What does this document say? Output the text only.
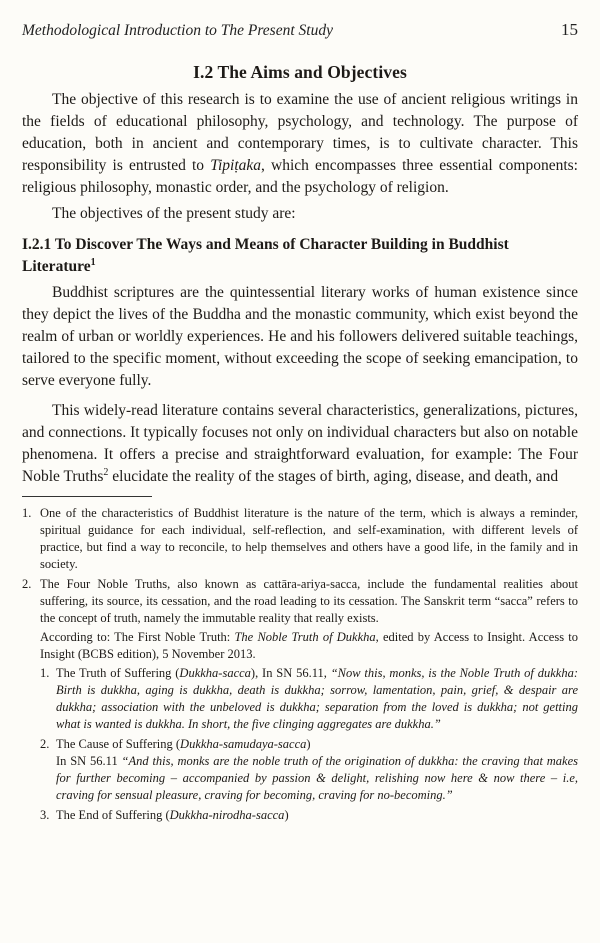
Methodological Introduction to The Present Study	15
I.2 The Aims and Objectives

The objective of this research is to examine the use of ancient religious writings in the fields of educational philosophy, psychology, and technology. The purpose of education, both in ancient and contemporary times, is to cultivate character. This responsibility is entrusted to Tipiṭaka, which encompasses three essential components: religious philosophy, monastic order, and the psychology of religion.

The objectives of the present study are:

I.2.1 To Discover The Ways and Means of Character Building in Buddhist Literature$^1$

Buddhist scriptures are the quintessential literary works of human existence since they depict the lives of the Buddha and the monastic community, which exist beyond the realm of urban or worldly experiences. He and his followers delivered suitable teachings, tailored to the specific moment, without exceeding the scope of seeking emancipation, to serve everyone fully.

This widely-read literature contains several characteristics, generalizations, pictures, and connections. It typically focuses not only on individual characters but also on notable phenomena. It offers a precise and straightforward evaluation, for example: The Four Noble Truths$^2$ elucidate the reality of the stages of birth, aging, disease, and death, and

1. One of the characteristics of Buddhist literature is the nature of the term, which is always a reminder, spiritual guidance for each individual, self-reflection, and self-examination, with different levels of practice, but find a way to reconcile, to help themselves and others have a good life, in the family and in society.
2. The Four Noble Truths, also known as cattāra-ariya-sacca, include the fundamental realities about suffering, its source, its cessation, and the road leading to its cessation. The Sanskrit term “sacca” refers to the concept of truth, namely the immutable reality that really exists.
According to: The First Noble Truth: The Noble Truth of Dukkha, edited by Access to Insight. Access to Insight (BCBS edition), 5 November 2013.
1. The Truth of Suffering (Dukkha-sacca), In SN 56.11, “Now this, monks, is the Noble Truth of dukkha: Birth is dukkha, aging is dukkha, death is dukkha; sorrow, lamentation, pain, grief, & despair are dukkha; association with the unbeloved is dukkha; separation from the loved is dukkha; not getting what is wanted is dukkha. In short, the five clinging aggregates are dukkha.”
2. The Cause of Suffering (Dukkha-samudaya-sacca)
In SN 56.11 “And this, monks are the noble truth of the origination of dukkha: the craving that makes for further becoming – accompanied by passion & delight, relishing now here & now there – i.e, craving for sensual pleasure, craving for becoming, craving for no-becoming.”
3. The End of Suffering (Dukkha-nirodha-sacca)
